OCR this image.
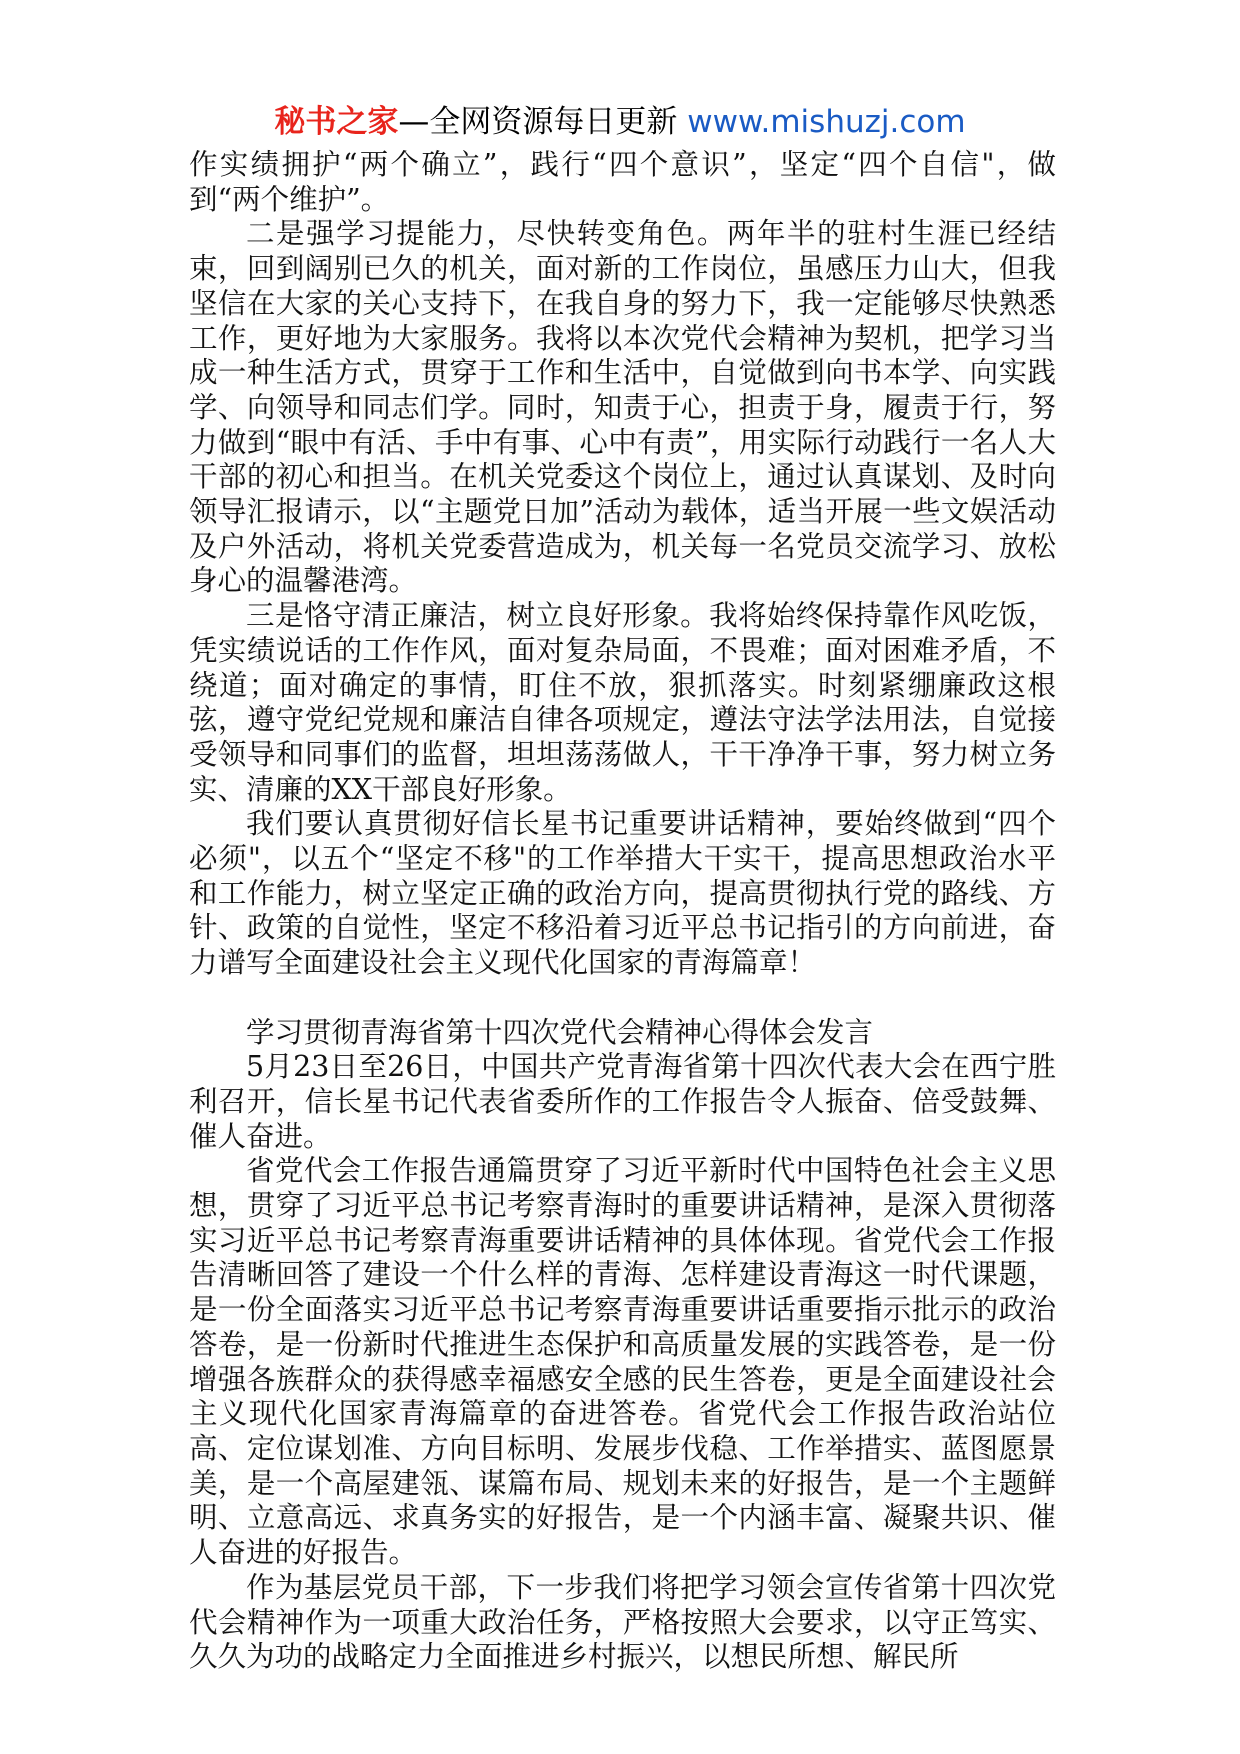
秘书之家—全网资源每日更新 www.mishuzj.com

作实绩拥护“两个确立”，践行“四个意识”，坚定“四个自信"，做到“两个维护”。

二是强学习提能力，尽快转变角色。两年半的驻村生涯已经结束，回到阔别已久的机关，面对新的工作岗位，虽感压力山大，但我坚信在大家的关心支持下，在我自身的努力下，我一定能够尽快熟悉工作，更好地为大家服务。我将以本次党代会精神为契机，把学习当成一种生活方式，贯穿于工作和生活中，自觉做到向书本学、向实践学、向领导和同志们学。同时，知责于心，担责于身，履责于行，努力做到“眼中有活、手中有事、心中有责”，用实际行动践行一名人大干部的初心和担当。在机关党委这个岗位上，通过认真谋划、及时向领导汇报请示，以“主题党日加”活动为载体，适当开展一些文娱活动及户外活动，将机关党委营造成为，机关每一名党员交流学习、放松身心的温馨港湾。

三是恪守清正廉洁，树立良好形象。我将始终保持靠作风吃饭，凭实绩说话的工作作风，面对复杂局面，不畏难；面对困难矛盾，不绕道；面对确定的事情，盯住不放，狠抓落实。时刻紧绷廉政这根弦，遵守党纪党规和廉洁自律各项规定，遵法守法学法用法，自觉接受领导和同事们的监督，坦坦荡荡做人，干干净净干事，努力树立务实、清廉的XX干部良好形象。

我们要认真贯彻好信长星书记重要讲话精神，要始终做到“四个必须"，以五个“坚定不移"的工作举措大干实干，提高思想政治水平和工作能力，树立坚定正确的政治方向，提高贯彻执行党的路线、方针、政策的自觉性，坚定不移沿着习近平总书记指引的方向前进，奋力谱写全面建设社会主义现代化国家的青海篇章！

学习贯彻青海省第十四次党代会精神心得体会发言

5月23日至26日，中国共产党青海省第十四次代表大会在西宁胜利召开，信长星书记代表省委所作的工作报告令人振奋、倍受鼓舞、催人奋进。

省党代会工作报告通篇贯穿了习近平新时代中国特色社会主义思想，贯穿了习近平总书记考察青海时的重要讲话精神，是深入贯彻落实习近平总书记考察青海重要讲话精神的具体体现。省党代会工作报告清晰回答了建设一个什么样的青海、怎样建设青海这一时代课题，是一份全面落实习近平总书记考察青海重要讲话重要指示批示的政治答卷，是一份新时代推进生态保护和高质量发展的实践答卷，是一份增强各族群众的获得感幸福感安全感的民生答卷，更是全面建设社会主义现代化国家青海篇章的奋进答卷。省党代会工作报告政治站位高、定位谋划准、方向目标明、发展步伐稳、工作举措实、蓝图愿景美，是一个高屋建瓴、谋篇布局、规划未来的好报告，是一个主题鲜明、立意高远、求真务实的好报告，是一个内涵丰富、凝聚共识、催人奋进的好报告。

作为基层党员干部，下一步我们将把学习领会宣传省第十四次党代会精神作为一项重大政治任务，严格按照大会要求，以守正笃实、久久为功的战略定力全面推进乡村振兴，以想民所想、解民所
